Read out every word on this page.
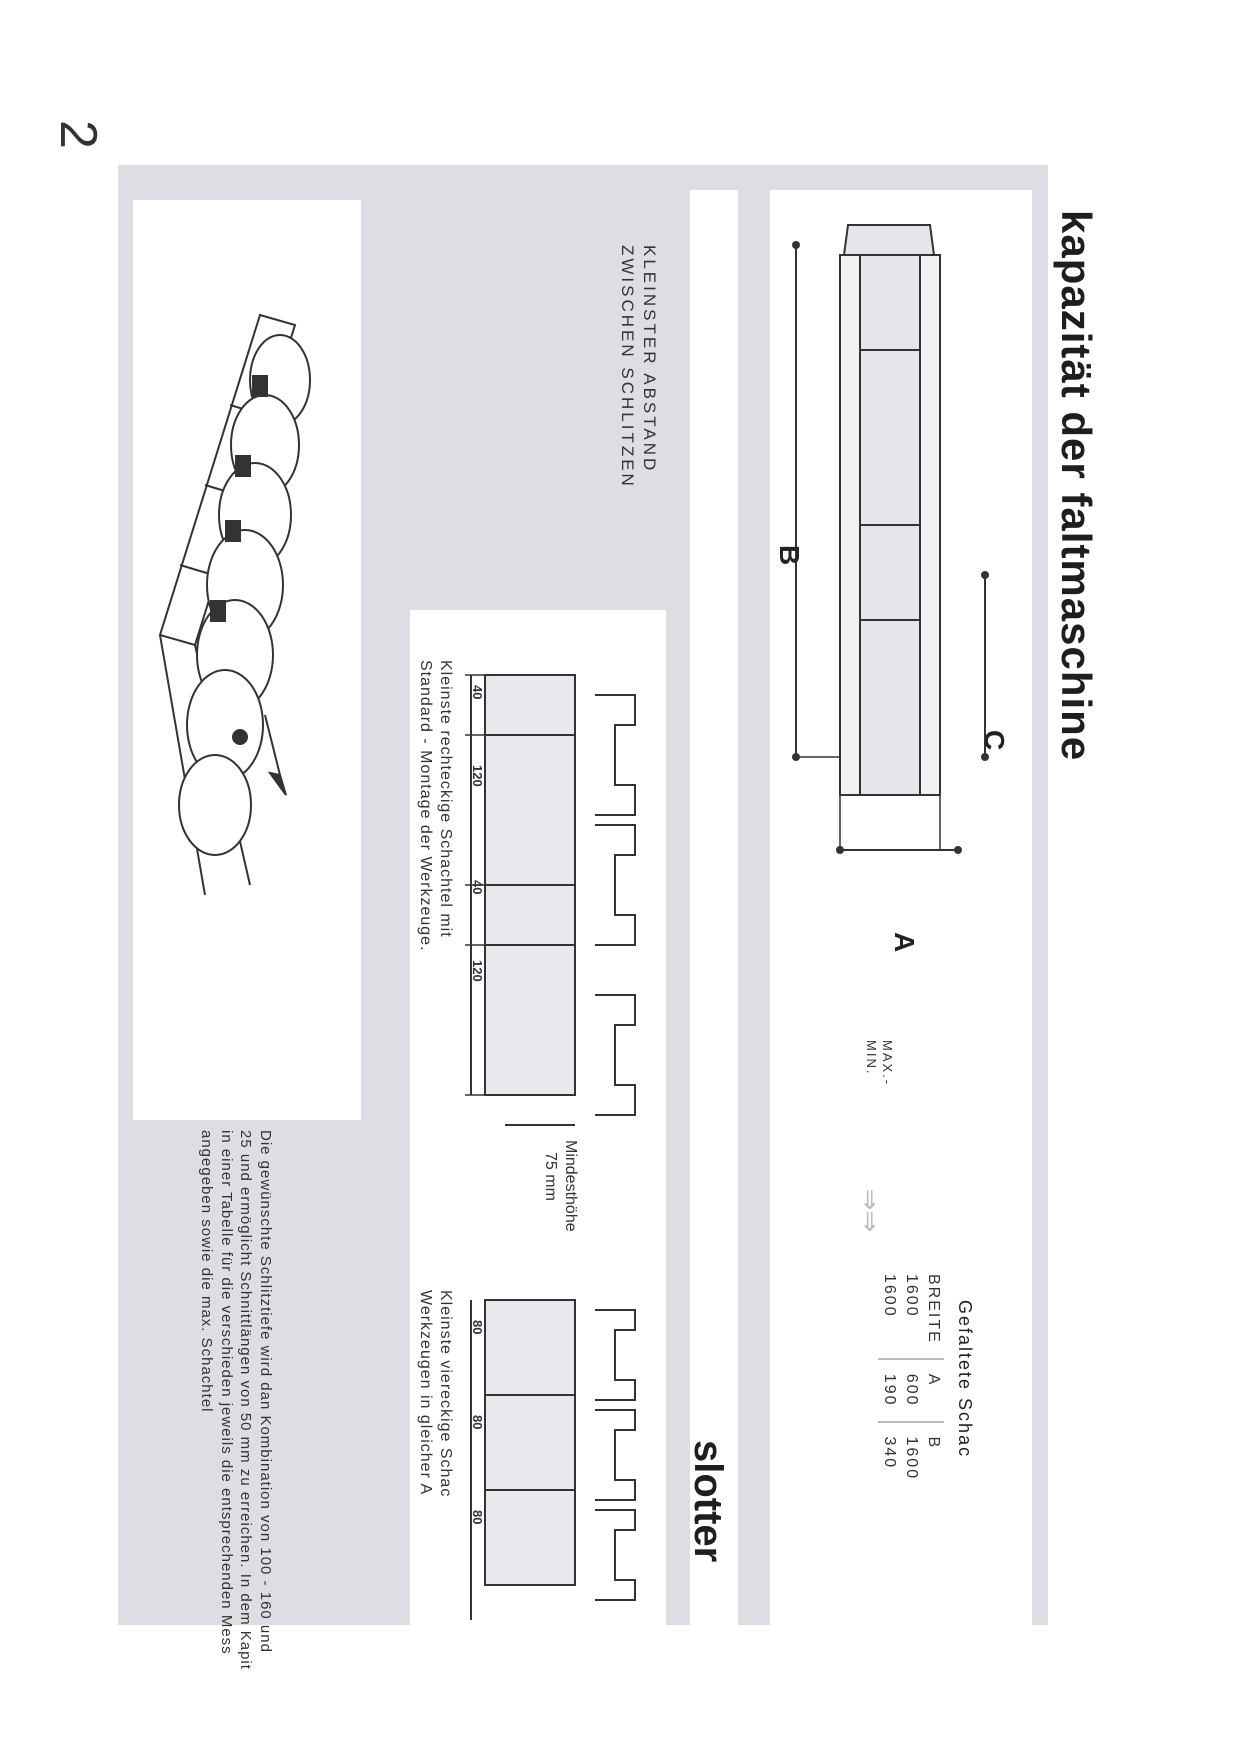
2
kapazität der faltmaschine
B
C
A
Gefaltete Schac
BREITE	A	B
1600	600	1600
1600	190	340
MAX.-
MIN.
⇒⇒
slotter
KLEINSTER ABSTAND
ZWISCHEN SCHLITZEN
40
120
40
120
Mindesthöhe
75 mm
Kleinste rechteckige Schachtel mit
Standard - Montage der Werkzeuge.
80
80
80
Kleinste viereckige Schac
Werkzeugen in gleicher A
Die gewünschte Schlitztiefe wird dan Kombination von 100 - 160 und 25 und ermöglicht Schnittlängen von 50 mm zu erreichen. In dem Kapit in einer Tabelle für die verschieden jeweils die entsprechenden Mess angegeben sowie die max. Schachtel
